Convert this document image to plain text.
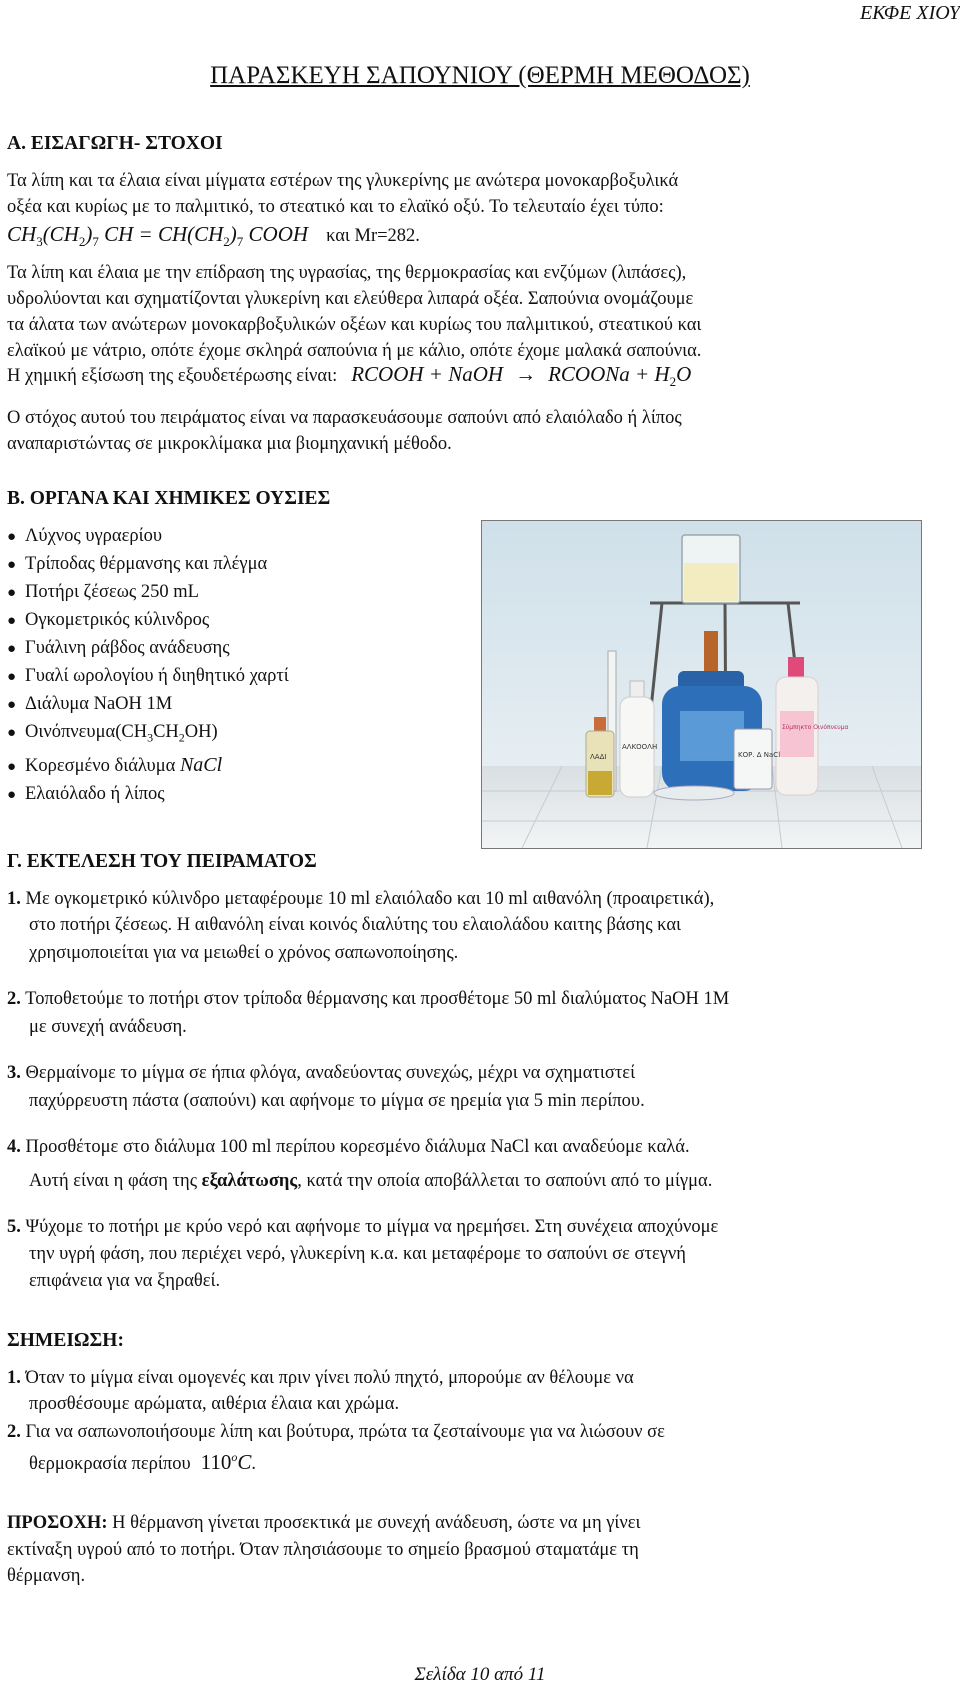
ΕΚΦΕ ΧΙΟΥ
ΠΑΡΑΣΚΕΥΗ ΣΑΠΟΥΝΙΟΥ (ΘΕΡΜΗ ΜΕΘΟΔΟΣ)
Α. ΕΙΣΑΓΩΓΗ- ΣΤΟΧΟΙ
Τα λίπη και τα έλαια είναι μίγματα εστέρων της γλυκερίνης με ανώτερα μονοκαρβοξυλικά
οξέα και κυρίως με το παλμιτικό, το στεατικό και το ελαϊκό οξύ. Το τελευταίο έχει τύπο:
$CH_3(CH_2)_7$ CH = $CH(CH_2)_7$ COOH και Mr=282.
Τα λίπη και έλαια με την επίδραση της υγρασίας, της θερμοκρασίας και ενζύμων (λιπάσες),
υδρολύονται και σχηματίζονται γλυκερίνη και ελεύθερα λιπαρά οξέα. Σαπούνια ονομάζουμε
τα άλατα των ανώτερων μονοκαρβοξυλικών οξέων και κυρίως του παλμιτικού, στεατικού και
ελαϊκού με νάτριο, οπότε έχομε σκληρά σαπούνια ή με κάλιο, οπότε έχομε μαλακά σαπούνια.
Η χημική εξίσωση της εξουδετέρωσης είναι: RCOOH + NaOH → RCOONa + $H_2O$
Ο στόχος αυτού του πειράματος είναι να παρασκευάσουμε σαπούνι από ελαιόλαδο ή λίπος
αναπαριστώντας σε μικροκλίμακα μια βιομηχανική μέθοδο.
Β. ΟΡΓΑΝΑ ΚΑΙ ΧΗΜΙΚΕΣ ΟΥΣΙΕΣ
● Λύχνος υγραερίου
● Τρίποδας θέρμανσης και πλέγμα
● Ποτήρι ζέσεως 250 mL
● Ογκομετρικός κύλινδρος
● Γυάλινη ράβδος ανάδευσης
● Γυαλί ωρολογίου ή διηθητικό χαρτί
● Διάλυμα NaOH 1M
● $O\iota\nu ό\pi\nu\varepsilon\upsilon\mu\alpha(CH_3CH_2OH)$
● Κορεσμένο διάλυμα NaCl
● Ελαιόλαδο ή λίπος
Σύμπηκτο Οινόπνευμα
ΚΟΡ. Δ ΝaCl
ΑΛΚΟΟΛΗ
ΛΑΔΙ
Γ. ΕΚΤΕΛΕΣΗ ΤΟΥ ΠΕΙΡΑΜΑΤΟΣ
1. Με ογκομετρικό κύλινδρο μεταφέρουμε 10 ml ελαιόλαδο και 10 ml αιθανόλη (προαιρετικά),
στο ποτήρι ζέσεως. Η αιθανόλη είναι κοινός διαλύτης του ελαιολάδου καιτης βάσης και
χρησιμοποιείται για να μειωθεί ο χρόνος σαπωνοποίησης.
2. Τοποθετούμε το ποτήρι στον τρίποδα θέρμανσης και προσθέτομε 50 ml διαλύματος ΝaOH 1M
με συνεχή ανάδευση.
3. Θερμαίνομε το μίγμα σε ήπια φλόγα, αναδεύοντας συνεχώς, μέχρι να σχηματιστεί
παχύρρευστη πάστα (σαπούνι) και αφήνομε το μίγμα σε ηρεμία για 5 min περίπου.
4. Προσθέτομε στο διάλυμα 100 ml περίπου κορεσμένο διάλυμα NaCl και αναδεύομε καλά.
Αυτή είναι η φάση της εξαλάτωσης, κατά την οποία αποβάλλεται το σαπούνι από το μίγμα.
5. Ψύχομε το ποτήρι με κρύο νερό και αφήνομε το μίγμα να ηρεμήσει. Στη συνέχεια αποχύνομε
την υγρή φάση, που περιέχει νερό, γλυκερίνη κ.α. και μεταφέρομε το σαπούνι σε στεγνή
επιφάνεια για να ξηραθεί.
ΣΗΜΕΙΩΣΗ:
1. Όταν το μίγμα είναι ομογενές και πριν γίνει πολύ πηχτό, μπορούμε αν θέλουμε να
προσθέσουμε αρώματα, αιθέρια έλαια και χρώμα.
2. Για να σαπωνοποιήσουμε λίπη και βούτυρα, πρώτα τα ζεσταίνουμε για να λιώσουν σε
θερμοκρασία περίπου 110$^o$C.
ΠΡΟΣΟΧΗ: Η θέρμανση γίνεται προσεκτικά με συνεχή ανάδευση, ώστε να μη γίνει
εκτίναξη υγρού από το ποτήρι. Όταν πλησιάσουμε το σημείο βρασμού σταματάμε τη
θέρμανση.
Σελίδα 10 από 11
